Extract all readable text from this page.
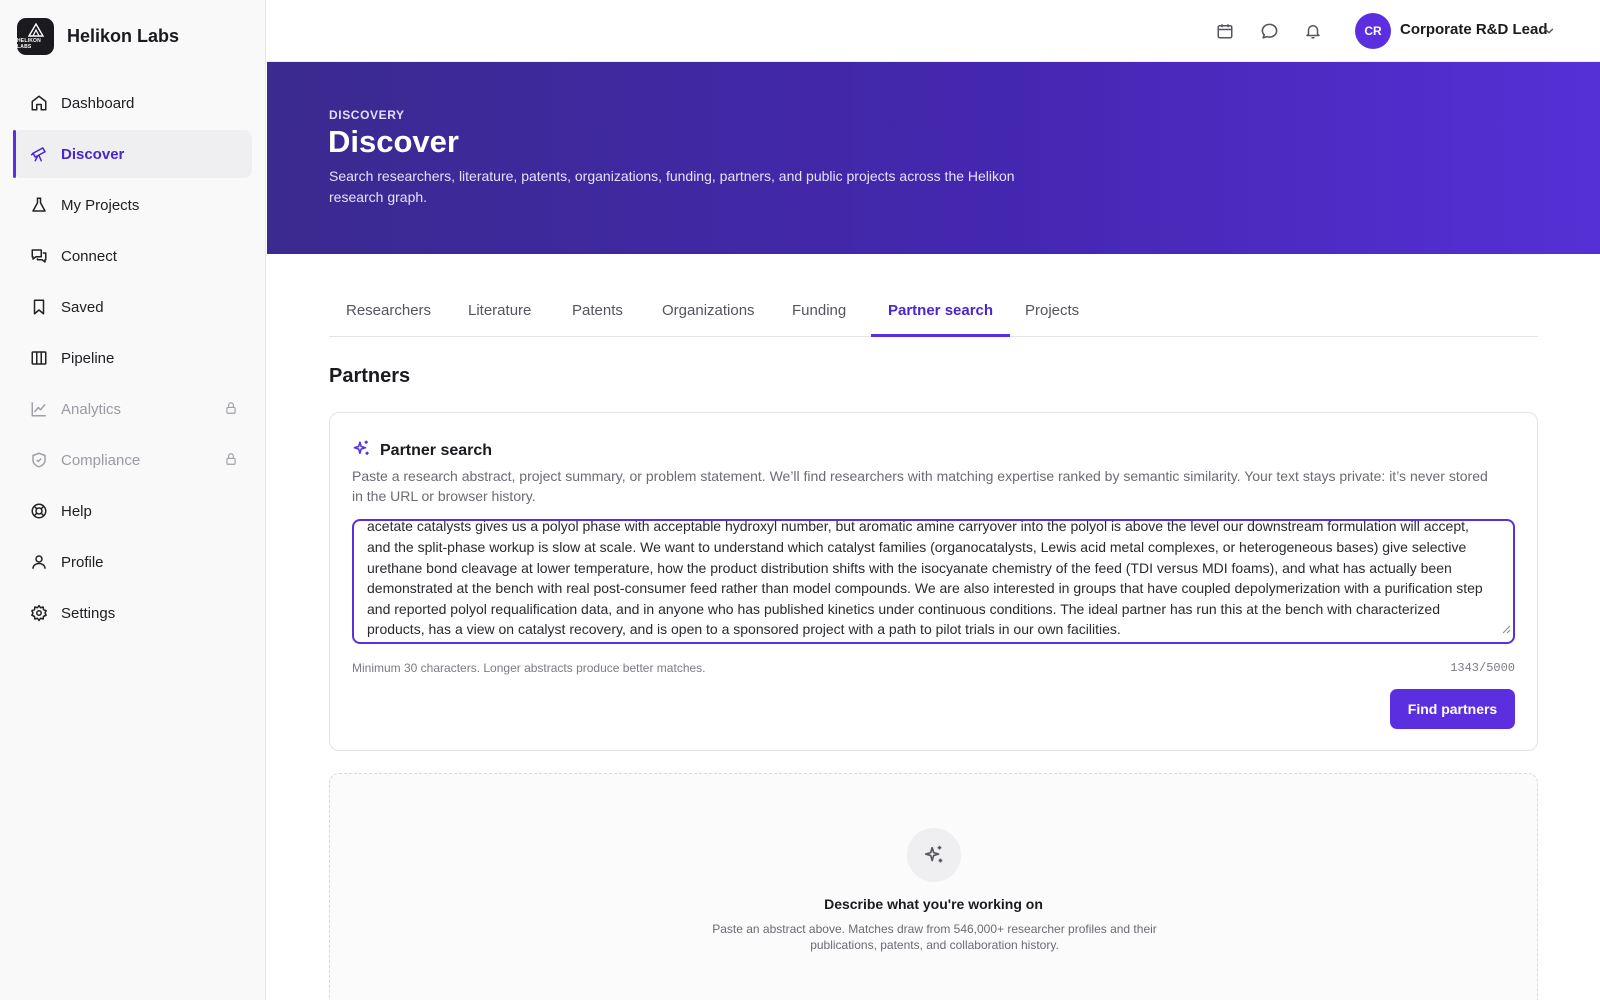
HELIKON LABS
Helikon Labs
Dashboard
Discover
My Projects
Connect
Saved
Pipeline
Analytics
Compliance
Help
Profile
Settings
CR	Corporate R&D Lead
DISCOVERY
Discover

Search researchers, literature, patents, organizations, funding, partners, and public projects across the Helikon research graph.

Researchers	Literature	Patents	Organizations	Funding	Partner search	Projects
Partners
Partner search

Paste a research abstract, project summary, or problem statement. We’ll find researchers with matching expertise ranked by semantic similarity. Your text stays private: it’s never stored in the URL or browser history.

acetate catalysts gives us a polyol phase with acceptable hydroxyl number, but aromatic amine carryover into the polyol is above the level our downstream formulation will accept, and the split-phase workup is slow at scale. We want to understand which catalyst families (organocatalysts, Lewis acid metal complexes, or heterogeneous bases) give selective urethane bond cleavage at lower temperature, how the product distribution shifts with the isocyanate chemistry of the feed (TDI versus MDI foams), and what has actually been demonstrated at the bench with real post-consumer feed rather than model compounds. We are also interested in groups that have coupled depolymerization with a purification step and reported polyol requalification data, and in anyone who has published kinetics under continuous conditions. The ideal partner has run this at the bench with characterized products, has a view on catalyst recovery, and is open to a sponsored project with a path to pilot trials in our own facilities.
Minimum 30 characters. Longer abstracts produce better matches.	1343/5000
Find partners
Describe what you're working on
Paste an abstract above. Matches draw from 546,000+ researcher profiles and their publications, patents, and collaboration history.
